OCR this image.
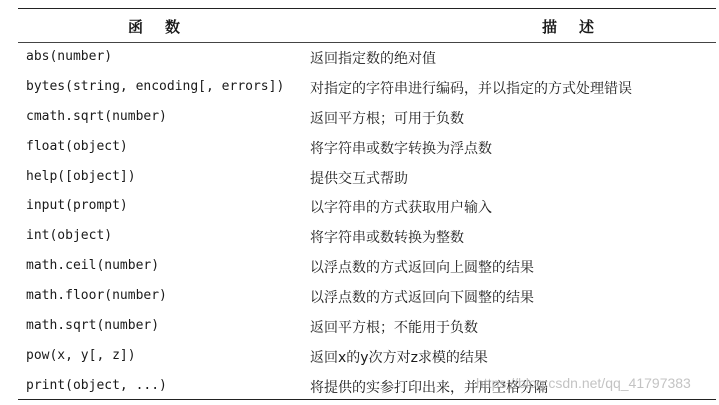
函数	描述
abs(number)	返回指定数的绝对值
bytes(string, encoding[, errors]) 对指定的字符串进行编码，并以指定的方式处理错误
cmath.sqrt(number)	返回平方根；可用于负数
float(object)	将字符串或数字转换为浮点数
help([object])	提供交互式帮助
input(prompt)	以字符串的方式获取用户输入
int(object)	将字符串或数转换为整数
math.ceil(number)	以浮点数的方式返回向上圆整的结果
math.floor(number)	以浮点数的方式返回向下圆整的结果
math.sqrt(number)	返回平方根；不能用于负数
pow(x, y[, z])	返回x的y次方对z求模的结果
print(object, ...)	将提供的实参打印出来，并用空格分隔
https://blog.csdn.net/qq_41797383
